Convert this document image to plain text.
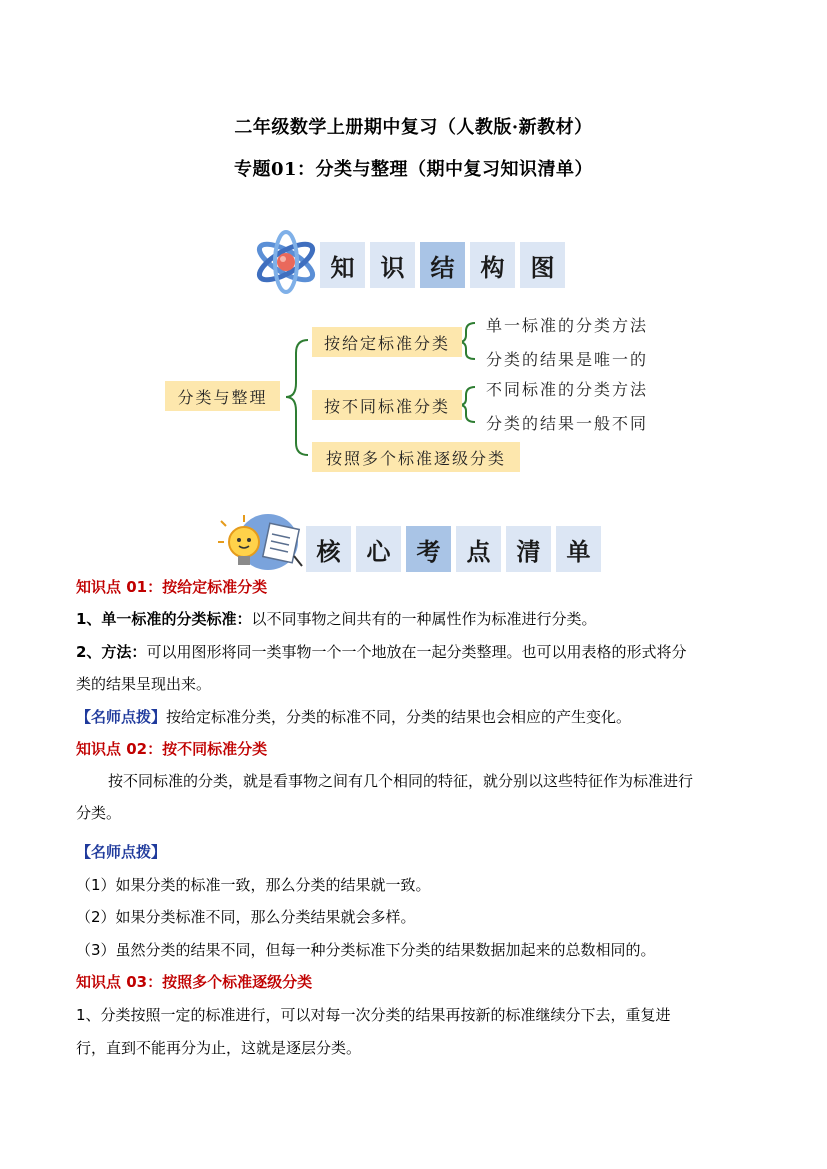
二年级数学上册期中复习（人教版·新教材）
专题01：分类与整理（期中复习知识清单）
知	识	结	构	图
分类与整理
按给定标准分类
按不同标准分类
按照多个标准逐级分类
单一标准的分类方法
分类的结果是唯一的
不同标准的分类方法
分类的结果一般不同
核	心	考	点	清	单
知识点 01：按给定标准分类
1、单一标准的分类标准：以不同事物之间共有的一种属性作为标准进行分类。
2、方法：可以用图形将同一类事物一个一个地放在一起分类整理。也可以用表格的形式将分
类的结果呈现出来。
【名师点拨】按给定标准分类，分类的标准不同，分类的结果也会相应的产生变化。
知识点 02：按不同标准分类
按不同标准的分类，就是看事物之间有几个相同的特征，就分别以这些特征作为标准进行
分类。
【名师点拨】
（1）如果分类的标准一致，那么分类的结果就一致。
（2）如果分类标准不同，那么分类结果就会多样。
（3）虽然分类的结果不同，但每一种分类标准下分类的结果数据加起来的总数相同的。
知识点 03：按照多个标准逐级分类
1、分类按照一定的标准进行，可以对每一次分类的结果再按新的标准继续分下去，重复进
行，直到不能再分为止，这就是逐层分类。
